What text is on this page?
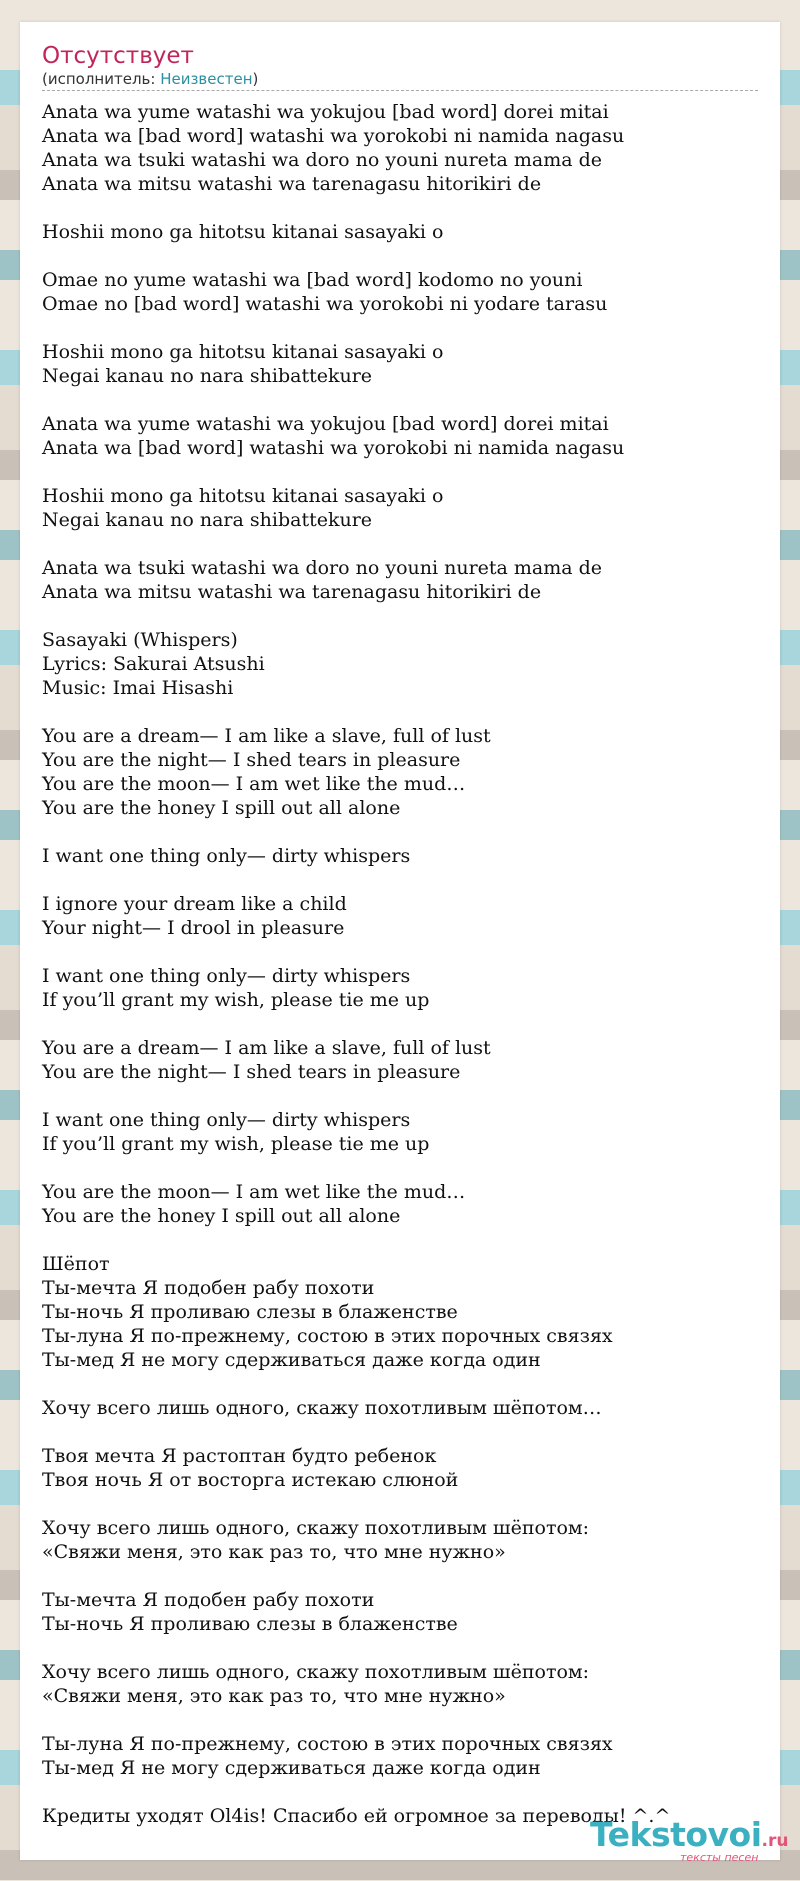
Отсутствует
(исполнитель: Неизвестен)
Anata wa yume watashi wa yokujou [bad word] dorei mitai
Anata wa [bad word] watashi wa yorokobi ni namida nagasu
Anata wa tsuki watashi wa doro no youni nureta mama de
Anata wa mitsu watashi wa tarenagasu hitorikiri de
Hoshii mono ga hitotsu kitanai sasayaki o
Omae no yume watashi wa [bad word] kodomo no youni
Omae no [bad word] watashi wa yorokobi ni yodare tarasu
Hoshii mono ga hitotsu kitanai sasayaki o
Negai kanau no nara shibattekure
Anata wa yume watashi wa yokujou [bad word] dorei mitai
Anata wa [bad word] watashi wa yorokobi ni namida nagasu
Hoshii mono ga hitotsu kitanai sasayaki o
Negai kanau no nara shibattekure
Anata wa tsuki watashi wa doro no youni nureta mama de
Anata wa mitsu watashi wa tarenagasu hitorikiri de
Sasayaki (Whispers)
Lyrics: Sakurai Atsushi
Music: Imai Hisashi
You are a dream— I am like a slave, full of lust
You are the night— I shed tears in pleasure
You are the moon— I am wet like the mud…
You are the honey I spill out all alone
I want one thing only— dirty whispers
I ignore your dream like a child
Your night— I drool in pleasure
I want one thing only— dirty whispers
If you’ll grant my wish, please tie me up
You are a dream— I am like a slave, full of lust
You are the night— I shed tears in pleasure
I want one thing only— dirty whispers
If you’ll grant my wish, please tie me up
You are the moon— I am wet like the mud…
You are the honey I spill out all alone
Шёпот
Ты-мечта Я подобен рабу похоти
Ты-ночь Я проливаю слезы в блаженстве
Ты-луна Я по-прежнему, состою в этих порочных связях
Ты-мед Я не могу сдерживаться даже когда один
Хочу всего лишь одного, скажу похотливым шёпотом…
Твоя мечта Я растоптан будто ребенок
Твоя ночь Я от восторга истекаю слюной
Хочу всего лишь одного, скажу похотливым шёпотом:
«Свяжи меня, это как раз то, что мне нужно»
Ты-мечта Я подобен рабу похоти
Ты-ночь Я проливаю слезы в блаженстве
Хочу всего лишь одного, скажу похотливым шёпотом:
«Свяжи меня, это как раз то, что мне нужно»
Ты-луна Я по-прежнему, состою в этих порочных связях
Ты-мед Я не могу сдерживаться даже когда один
Кредиты уходят Ol4is! Спасибо ей огромное за переводы! ^.^
Tekstovoi.ru
тексты песен
